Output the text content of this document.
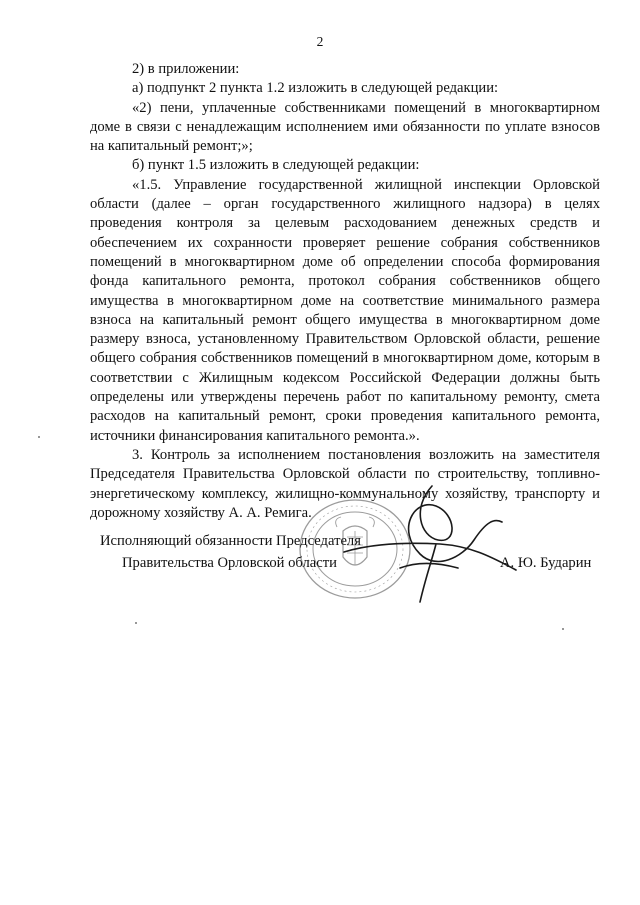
2

2) в приложении:

а) подпункт 2 пункта 1.2 изложить в следующей редакции:

«2) пени, уплаченные собственниками помещений в многоквартирном доме в связи с ненадлежащим исполнением ими обязанности по уплате взносов на капитальный ремонт;»;

б) пункт 1.5 изложить в следующей редакции:

«1.5. Управление государственной жилищной инспекции Орловской области (далее – орган государственного жилищного надзора) в целях проведения контроля за целевым расходованием денежных средств и обеспечением их сохранности проверяет решение собрания собственников помещений в многоквартирном доме об определении способа формирования фонда капитального ремонта, протокол собрания собственников общего имущества в многоквартирном доме на соответствие минимального размера взноса на капитальный ремонт общего имущества в многоквартирном доме размеру взноса, установленному Правительством Орловской области, решение общего собрания собственников помещений в многоквартирном доме, которым в соответствии с Жилищным кодексом Российской Федерации должны быть определены или утверждены перечень работ по капитальному ремонту, смета расходов на капитальный ремонт, сроки проведения капитального ремонта, источники финансирования капитального ремонта.».

3. Контроль за исполнением постановления возложить на заместителя Председателя Правительства Орловской области по строительству, топливно-энергетическому комплексу, жилищно-коммунальному хозяйству, транспорту и дорожному хозяйству А. А. Ремига.

Исполняющий обязанности Председателя
Правительства Орловской области	А. Ю. Бударин
